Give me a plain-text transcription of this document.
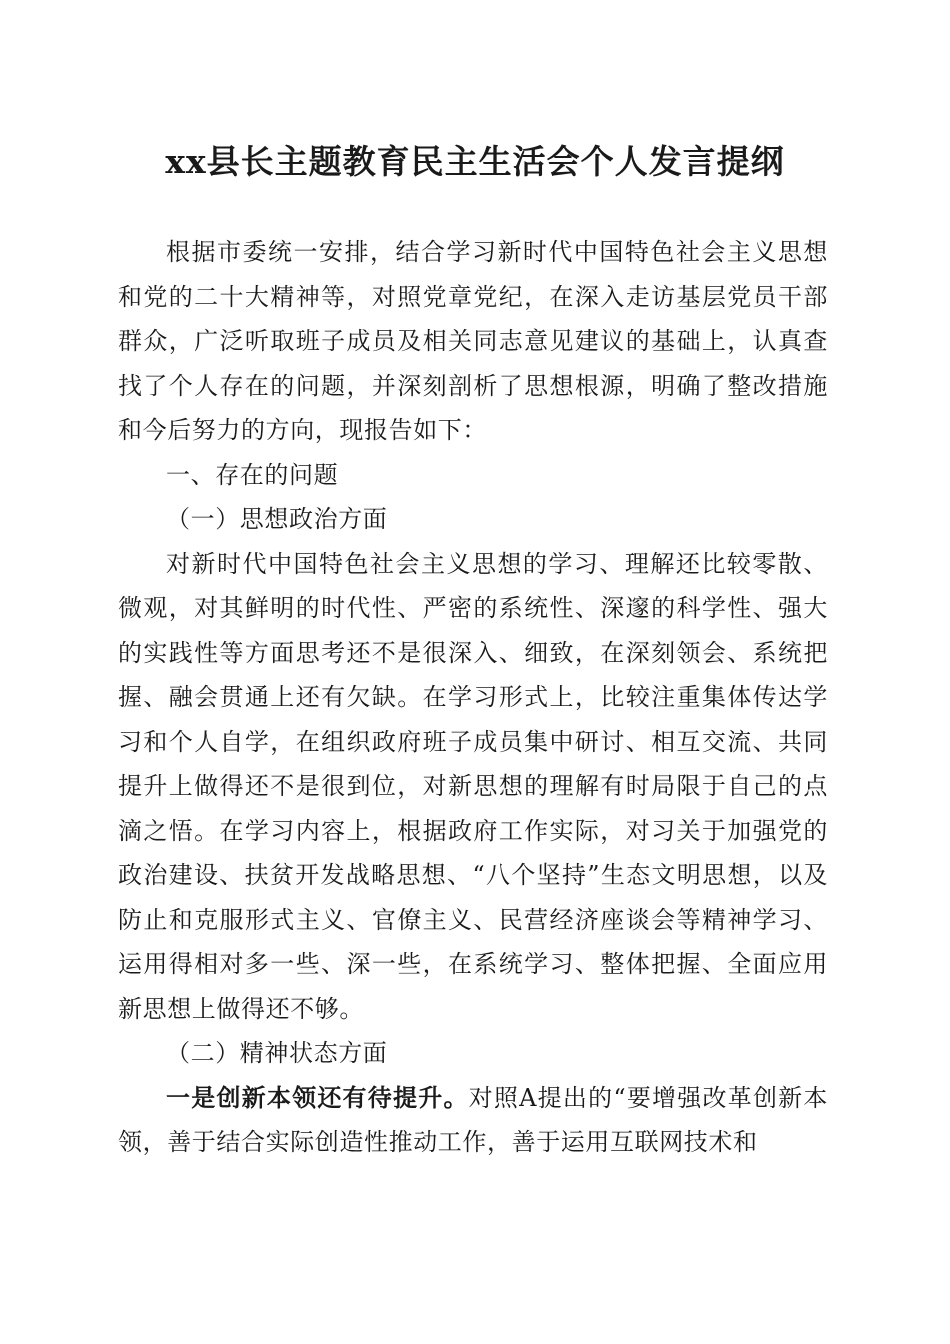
xx县长主题教育民主生活会个人发言提纲

根据市委统一安排，结合学习新时代中国特色社会主义思想和党的二十大精神等，对照党章党纪，在深入走访基层党员干部群众，广泛听取班子成员及相关同志意见建议的基础上，认真查找了个人存在的问题，并深刻剖析了思想根源，明确了整改措施和今后努力的方向，现报告如下：

一、存在的问题

（一）思想政治方面

对新时代中国特色社会主义思想的学习、理解还比较零散、微观，对其鲜明的时代性、严密的系统性、深邃的科学性、强大的实践性等方面思考还不是很深入、细致，在深刻领会、系统把握、融会贯通上还有欠缺。在学习形式上，比较注重集体传达学习和个人自学，在组织政府班子成员集中研讨、相互交流、共同提升上做得还不是很到位，对新思想的理解有时局限于自己的点滴之悟。在学习内容上，根据政府工作实际，对习关于加强党的政治建设、扶贫开发战略思想、“八个坚持”生态文明思想，以及防止和克服形式主义、官僚主义、民营经济座谈会等精神学习、运用得相对多一些、深一些，在系统学习、整体把握、全面应用新思想上做得还不够。

（二）精神状态方面

一是创新本领还有待提升。对照A提出的“要增强改革创新本领，善于结合实际创造性推动工作，善于运用互联网技术和
